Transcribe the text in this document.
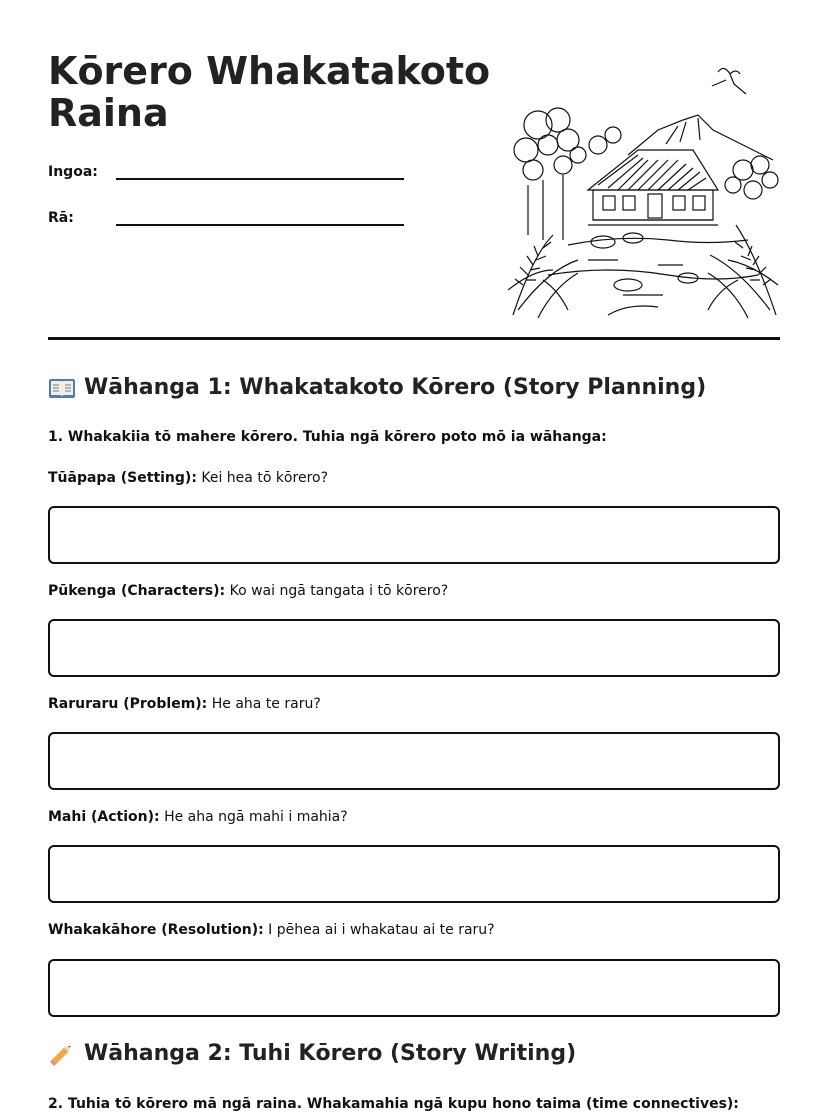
Kōrero Whakatakoto
Raina
Ingoa:
Rā:
Wāhanga 1: Whakatakoto Kōrero (Story Planning)

1. Whakakiia tō mahere kōrero. Tuhia ngā kōrero poto mō ia wāhanga:

Tūāpapa (Setting): Kei hea tō kōrero?

Pūkenga (Characters): Ko wai ngā tangata i tō kōrero?

Raruraru (Problem): He aha te raru?

Mahi (Action): He aha ngā mahi i mahia?

Whakakāhore (Resolution): I pēhea ai i whakatau ai te raru?

Wāhanga 2: Tuhi Kōrero (Story Writing)

2. Tuhia tō kōrero mā ngā raina. Whakamahia ngā kupu hono taima (time connectives):
